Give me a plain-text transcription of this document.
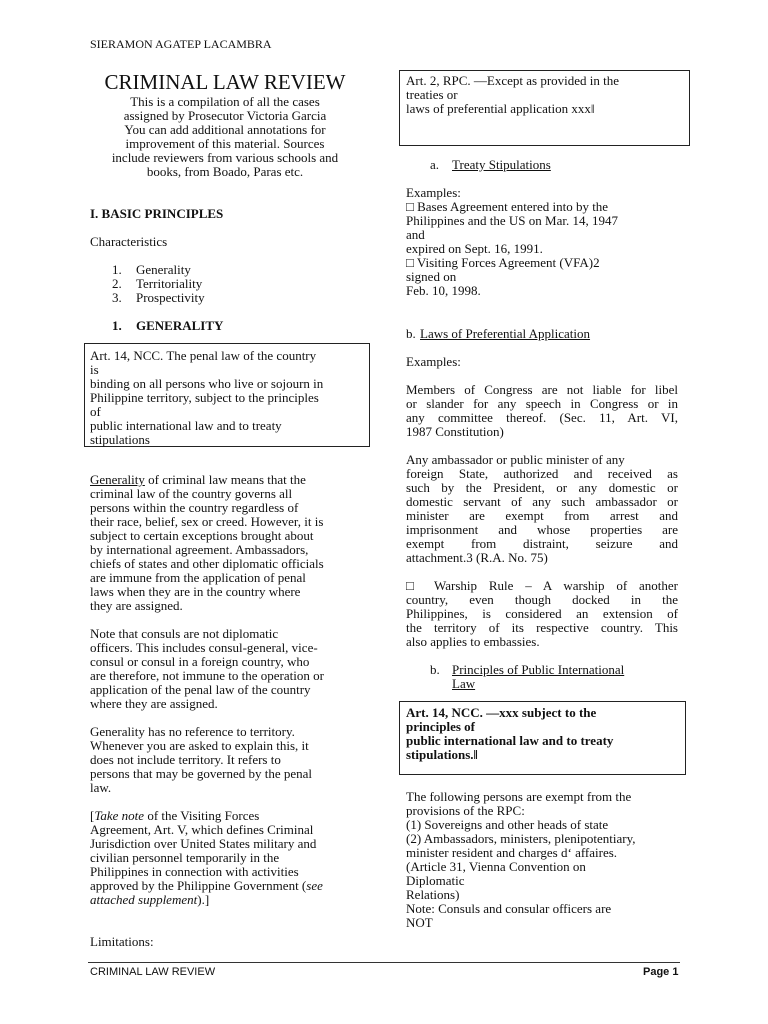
SIERAMON AGATEP LACAMBRA
CRIMINAL LAW REVIEW
This is a compilation of all the cases
assigned by Prosecutor Victoria Garcia
You can add additional annotations for
improvement of this material. Sources
include reviewers from various schools and
books, from Boado, Paras etc.
I. BASIC PRINCIPLES
Characteristics
1. Generality
2. Territoriality
3. Prospectivity
1. GENERALITY
Art. 14, NCC. The penal law of the country
is
binding on all persons who live or sojourn in
Philippine territory, subject to the principles
of
public international law and to treaty
stipulations
Generality of criminal law means that the
criminal law of the country governs all
persons within the country regardless of
their race, belief, sex or creed. However, it is
subject to certain exceptions brought about
by international agreement. Ambassadors,
chiefs of states and other diplomatic officials
are immune from the application of penal
laws when they are in the country where
they are assigned.
Note that consuls are not diplomatic
officers. This includes consul-general, vice-
consul or consul in a foreign country, who
are therefore, not immune to the operation or
application of the penal law of the country
where they are assigned.
Generality has no reference to territory.
Whenever you are asked to explain this, it
does not include territory. It refers to
persons that may be governed by the penal
law.
[Take note of the Visiting Forces
Agreement, Art. V, which defines Criminal
Jurisdiction over United States military and
civilian personnel temporarily in the
Philippines in connection with activities
approved by the Philippine Government (see
attached supplement).]
Limitations:
Art. 2, RPC. —Except as provided in the
treaties or
laws of preferential application xxx‖
a. Treaty Stipulations
Examples:
□ Bases Agreement entered into by the
Philippines and the US on Mar. 14, 1947
and
expired on Sept. 16, 1991.
□ Visiting Forces Agreement (VFA)2
signed on
Feb. 10, 1998.
b. Laws of Preferential Application
Examples:
Members of Congress are not liable for libel
or slander for any speech in Congress or in
any committee thereof. (Sec. 11, Art. VI,
1987 Constitution)
Any ambassador or public minister of any
foreign State, authorized and received as
such by the President, or any domestic or
domestic servant of any such ambassador or
minister are exempt from arrest and
imprisonment and whose properties are
exempt from distraint, seizure and
attachment.3 (R.A. No. 75)
□ Warship Rule – A warship of another
country, even though docked in the
Philippines, is considered an extension of
the territory of its respective country. This
also applies to embassies.
b. Principles of Public International
Law
Art. 14, NCC. —xxx subject to the
principles of
public international law and to treaty
stipulations.‖
The following persons are exempt from the
provisions of the RPC:
(1) Sovereigns and other heads of state
(2) Ambassadors, ministers, plenipotentiary,
minister resident and charges d‘ affaires.
(Article 31, Vienna Convention on
Diplomatic
Relations)
Note: Consuls and consular officers are
NOT
CRIMINAL LAW REVIEW	Page 1
